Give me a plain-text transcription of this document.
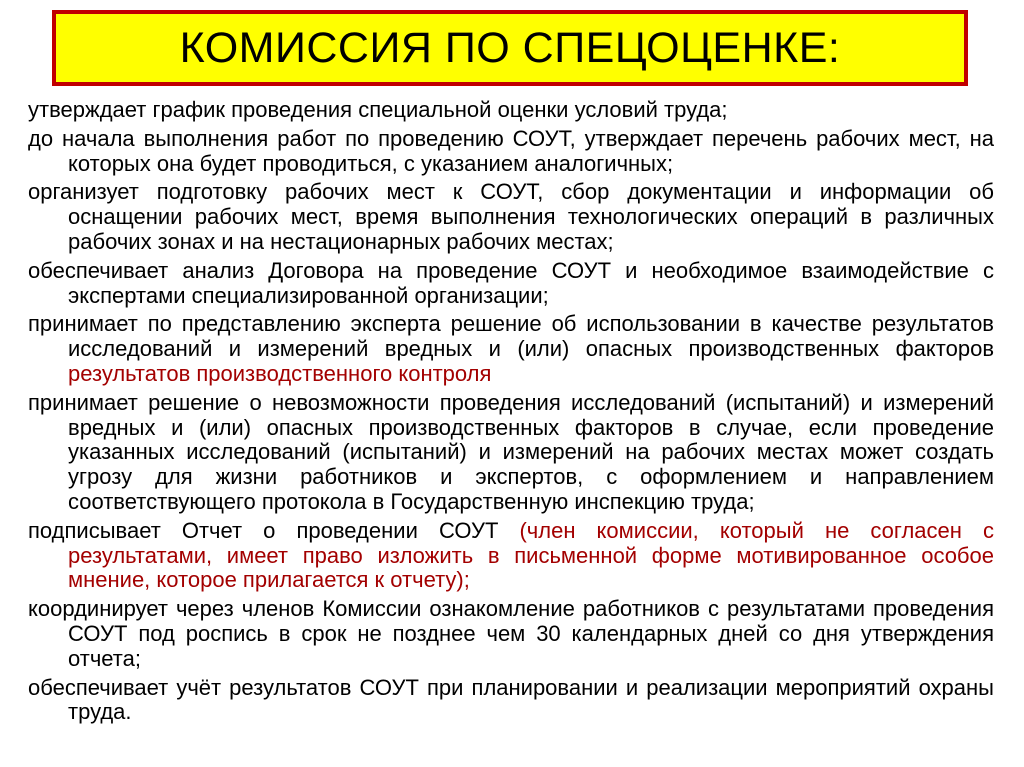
КОМИССИЯ ПО СПЕЦОЦЕНКЕ:

утверждает график проведения специальной оценки условий труда;

до начала выполнения работ по проведению СОУТ, утверждает перечень рабочих мест, на которых она будет проводиться, с указанием аналогичных;

организует подготовку рабочих мест к СОУТ, сбор документации и информации об оснащении рабочих мест, время выполнения технологических операций в различных рабочих зонах и на нестационарных рабочих местах;

обеспечивает анализ Договора на проведение СОУТ и необходимое взаимодействие с экспертами специализированной организации;

принимает по представлению эксперта решение об использовании в качестве результатов исследований и измерений вредных и (или) опасных производственных факторов результатов производственного контроля

принимает решение о невозможности проведения исследований (испытаний) и измерений вредных и (или) опасных производственных факторов в случае, если проведение указанных исследований (испытаний) и измерений на рабочих местах может создать угрозу для жизни работников и экспертов, с оформлением и направлением соответствующего протокола в Государственную инспекцию труда;

подписывает Отчет о проведении СОУТ (член комиссии, который не согласен с результатами, имеет право изложить в письменной форме мотивированное особое мнение, которое прилагается к отчету);

координирует через членов Комиссии ознакомление работников с результатами проведения СОУТ под роспись в срок не позднее чем 30 календарных дней со дня утверждения отчета;

обеспечивает учёт результатов СОУТ при планировании и реализации мероприятий охраны труда.
